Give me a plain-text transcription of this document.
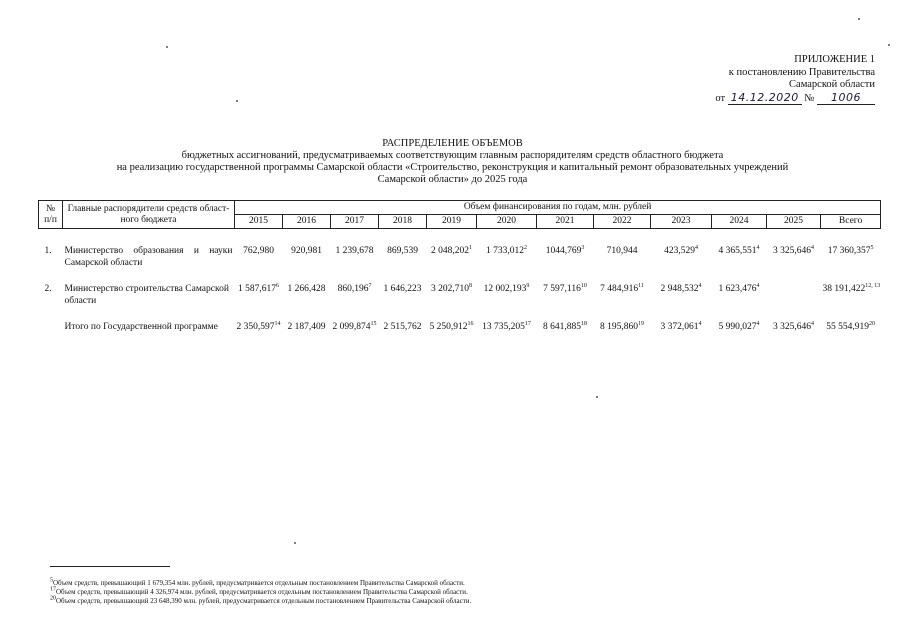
ПРИЛОЖЕНИЕ 1
к постановлению Правительства
Самарской области
от 14.12.2020 № 1006
РАСПРЕДЕЛЕНИЕ ОБЪЕМОВ
бюджетных ассигнований, предусматриваемых соответствующим главным распорядителям средств областного бюджета
на реализацию государственной программы Самарской области «Строительство, реконструкция и капитальный ремонт образовательных учреждений
Самарской области» до 2025 года
№ п/п	Главные распорядители средств област- ного бюджета	Объем финансирования по годам, млн. рублей											
		2015	2016	2017	2018	2019	2020	2021	2022	2023	2024	2025	Всего

1.	Министерство образования и науки Самарской области	762,980	920,981	1 239,678	869,539	2 048,202$^1$	1 733,012$^2$	1044,769$^3$	710,944	423,529$^4$	4 365,551$^4$	3 325,646$^4$	17 360,357$^5$

2.	Министерство строительства Самарской области	1 587,617$^6$	1 266,428	860,196$^7$	1 646,223	3 202,710$^8$	12 002,193$^9$	7 597,116$^{10}$	7 484,916$^{11}$	2 948,532$^4$	1 623,476$^4$		38 191,422$^{12, 13}$

	Итого по Государственной программе	2 350,597$^{14}$	2 187,409	2 099,874$^{15}$	2 515,762	5 250,912$^{16}$	13 735,205$^{17}$	8 641,885$^{18}$	8 195,860$^{19}$	3 372,061$^4$	5 990,027$^4$	3 325,646$^4$	55 554,919$^{20}$
$^5$Объем средств, превышающий 1 679,354 млн. рублей, предусматривается отдельным постановлением Правительства Самарской области.
$^{17}$Объем средств, превышающий 4 326,974 млн. рублей, предусматривается отдельным постановлением Правительства Самарской области.
$^{20}$Объем средств, превышающий 23 648,390 млн. рублей, предусматривается отдельным постановлением Правительства Самарской области.
